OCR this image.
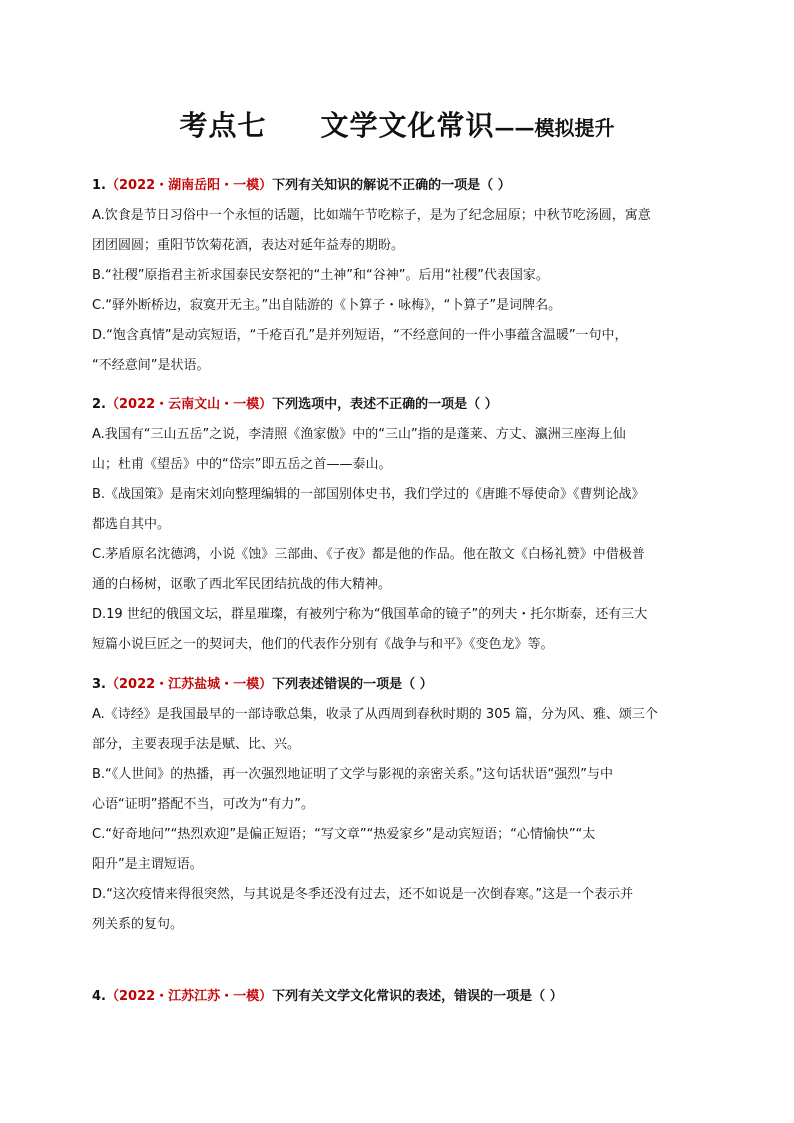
考点七 文学文化常识——模拟提升
1.（2022・湖南岳阳・一模）下列有关知识的解说不正确的一项是（ ）
A.饮食是节日习俗中一个永恒的话题，比如端午节吃粽子，是为了纪念屈原；中秋节吃汤圆，寓意
团团圆圆；重阳节饮菊花酒，表达对延年益寿的期盼。
B.“社稷”原指君主祈求国泰民安祭祀的“土神”和“谷神”。后用“社稷”代表国家。
C.“驿外断桥边，寂寞开无主。”出自陆游的《卜算子・咏梅》，“卜算子”是词牌名。
D.“饱含真情”是动宾短语，“千疮百孔”是并列短语，“不经意间的一件小事蕴含温暖”一句中，
“不经意间”是状语。
2.（2022・云南文山・一模）下列选项中，表述不正确的一项是（ ）
A.我国有“三山五岳”之说，李清照《渔家傲》中的“三山”指的是蓬莱、方丈、瀛洲三座海上仙
山；杜甫《望岳》中的“岱宗”即五岳之首——泰山。
B.《战国策》是南宋刘向整理编辑的一部国别体史书，我们学过的《唐雎不辱使命》《曹刿论战》
都选自其中。
C.茅盾原名沈德鸿，小说《蚀》三部曲、《子夜》都是他的作品。他在散文《白杨礼赞》中借极普
通的白杨树，讴歌了西北军民团结抗战的伟大精神。
D.19 世纪的俄国文坛，群星璀璨，有被列宁称为“俄国革命的镜子”的列夫・托尔斯泰，还有三大
短篇小说巨匠之一的契诃夫，他们的代表作分别有《战争与和平》《变色龙》等。
3.（2022・江苏盐城・一模）下列表述错误的一项是（ ）
A.《诗经》是我国最早的一部诗歌总集，收录了从西周到春秋时期的 305 篇，分为风、雅、颂三个
部分，主要表现手法是赋、比、兴。
B.“《人世间》的热播，再一次强烈地证明了文学与影视的亲密关系。”这句话状语“强烈”与中
心语“证明”搭配不当，可改为“有力”。
C.“好奇地问”“热烈欢迎”是偏正短语；“写文章”“热爱家乡”是动宾短语；“心情愉快”“太
阳升”是主谓短语。
D.“这次疫情来得很突然，与其说是冬季还没有过去，还不如说是一次倒春寒。”这是一个表示并
列关系的复句。
4.（2022・江苏江苏・一模）下列有关文学文化常识的表述，错误的一项是（ ）
